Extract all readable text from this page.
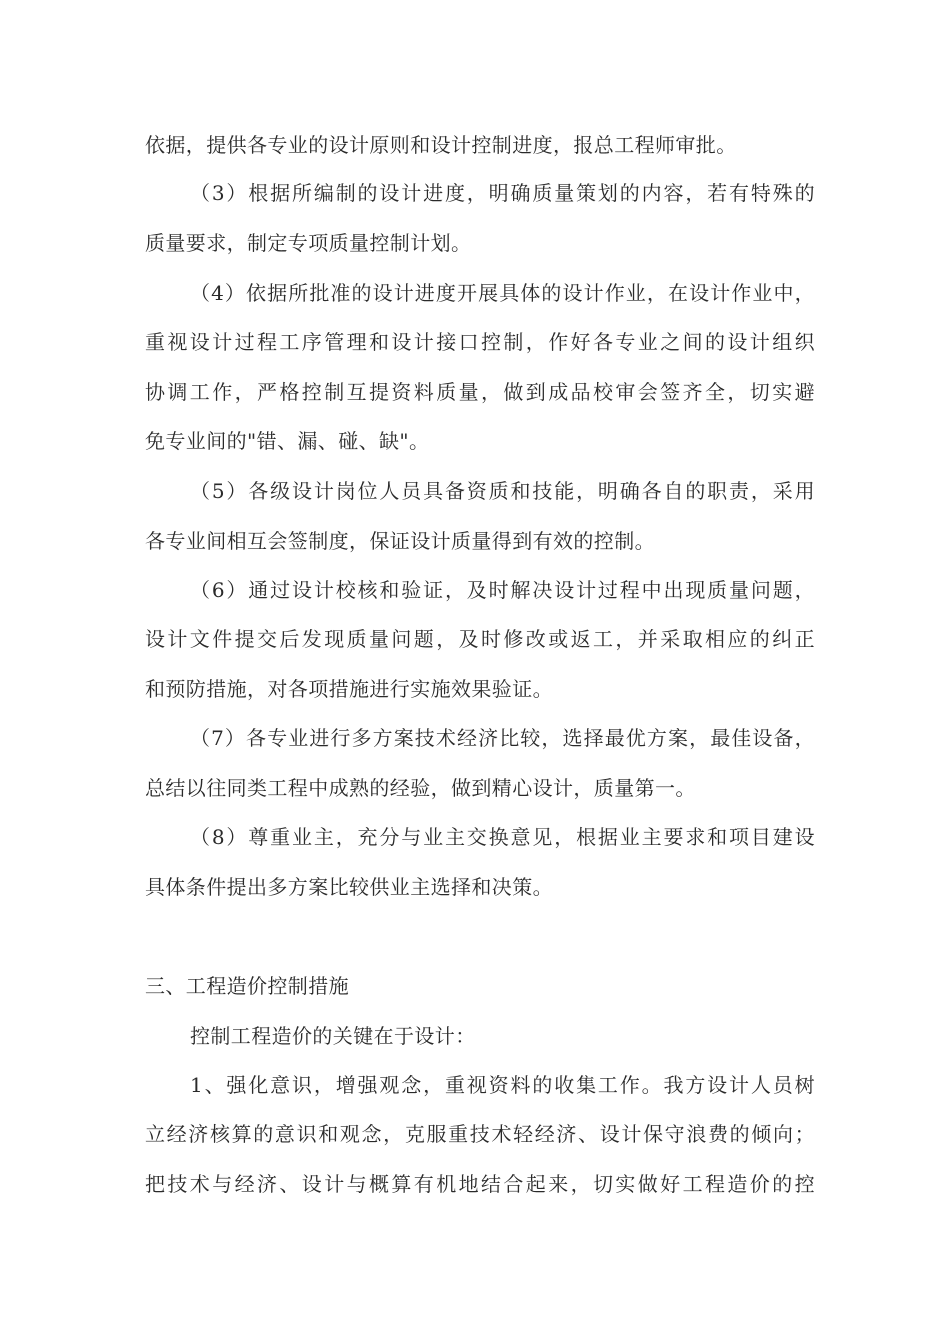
依据，提供各专业的设计原则和设计控制进度，报总工程师审批。
（3）根据所编制的设计进度，明确质量策划的内容，若有特殊的
质量要求，制定专项质量控制计划。
（4）依据所批准的设计进度开展具体的设计作业，在设计作业中，
重视设计过程工序管理和设计接口控制，作好各专业之间的设计组织
协调工作，严格控制互提资料质量，做到成品校审会签齐全，切实避
免专业间的"错、漏、碰、缺"。
（5）各级设计岗位人员具备资质和技能，明确各自的职责，采用
各专业间相互会签制度，保证设计质量得到有效的控制。
（6）通过设计校核和验证，及时解决设计过程中出现质量问题，
设计文件提交后发现质量问题，及时修改或返工，并采取相应的纠正
和预防措施，对各项措施进行实施效果验证。
（7）各专业进行多方案技术经济比较，选择最优方案，最佳设备，
总结以往同类工程中成熟的经验，做到精心设计，质量第一。
（8）尊重业主，充分与业主交换意见，根据业主要求和项目建设
具体条件提出多方案比较供业主选择和决策。
三、工程造价控制措施
控制工程造价的关键在于设计：
1、强化意识，增强观念，重视资料的收集工作。我方设计人员树
立经济核算的意识和观念，克服重技术轻经济、设计保守浪费的倾向；
把技术与经济、设计与概算有机地结合起来，切实做好工程造价的控
